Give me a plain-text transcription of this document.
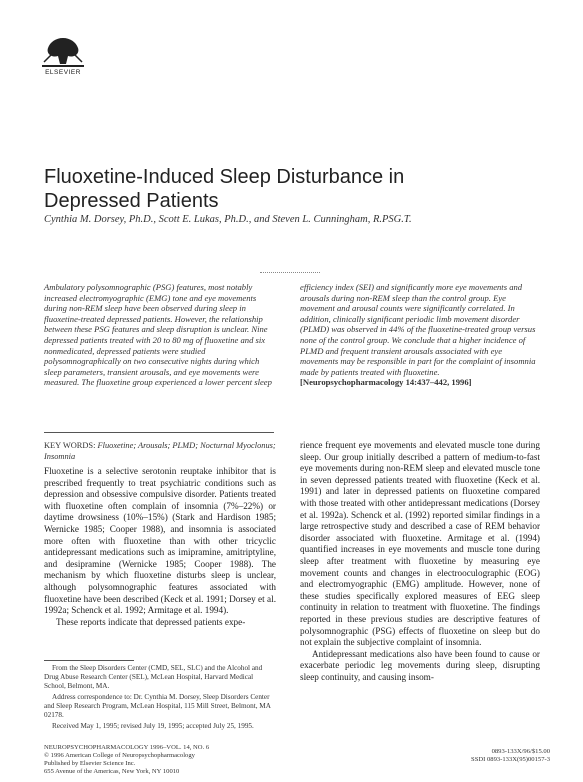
ELSEVIER
Fluoxetine-Induced Sleep Disturbance in
Depressed Patients
Cynthia M. Dorsey, Ph.D., Scott E. Lukas, Ph.D., and Steven L. Cunningham, R.PSG.T.
Ambulatory polysomnographic (PSG) features, most notably increased electromyographic (EMG) tone and eye movements during non-REM sleep have been observed during sleep in fluoxetine-treated depressed patients. However, the relationship between these PSG features and sleep disruption is unclear. Nine depressed patients treated with 20 to 80 mg of fluoxetine and six nonmedicated, depressed patients were studied polysomnographically on two consecutive nights during which sleep parameters, transient arousals, and eye movements were measured. The fluoxetine group experienced a lower percent sleep
efficiency index (SEI) and significantly more eye movements and arousals during non-REM sleep than the control group. Eye movement and arousal counts were significantly correlated. In addition, clinically significant periodic limb movement disorder (PLMD) was observed in 44% of the fluoxetine-treated group versus none of the control group. We conclude that a higher incidence of PLMD and frequent transient arousals associated with eye movements may be responsible in part for the complaint of insomnia made by patients treated with fluoxetine. [Neuropsychopharmacology 14:437–442, 1996]
KEY WORDS: Fluoxetine; Arousals; PLMD; Nocturnal Myoclonus; Insomnia

Fluoxetine is a selective serotonin reuptake inhibitor that is prescribed frequently to treat psychiatric conditions such as depression and obsessive compulsive disorder. Patients treated with fluoxetine often complain of insomnia (7%–22%) or daytime drowsiness (10%–15%) (Stark and Hardison 1985; Wernicke 1985; Cooper 1988), and insomnia is associated more often with fluoxetine than with other tricyclic antidepressant medications such as imipramine, amitriptyline, and desipramine (Wernicke 1985; Cooper 1988). The mechanism by which fluoxetine disturbs sleep is unclear, although polysomnographic features associated with fluoxetine have been described (Keck et al. 1991; Dorsey et al. 1992a; Schenck et al. 1992; Armitage et al. 1994).

These reports indicate that depressed patients expe-

rience frequent eye movements and elevated muscle tone during sleep. Our group initially described a pattern of medium-to-fast eye movements during non-REM sleep and elevated muscle tone in seven depressed patients treated with fluoxetine (Keck et al. 1991) and later in depressed patients on fluoxetine compared with those treated with other antidepressant medications (Dorsey et al. 1992a). Schenck et al. (1992) reported similar findings in a large retrospective study and described a case of REM behavior disorder associated with fluoxetine. Armitage et al. (1994) quantified increases in eye movements and muscle tone during sleep after treatment with fluoxetine by measuring eye movement counts and changes in electrooculographic (EOG) and electromyographic (EMG) amplitude. However, none of these studies specifically explored measures of EEG sleep continuity in relation to treatment with fluoxetine. The findings reported in these previous studies are descriptive features of polysomnographic (PSG) effects of fluoxetine on sleep but do not explain the subjective complaint of insomnia.

Antidepressant medications also have been found to cause or exacerbate periodic leg movements during sleep, disrupting sleep continuity, and causing insom-

From the Sleep Disorders Center (CMD, SEL, SLC) and the Alcohol and Drug Abuse Research Center (SEL), McLean Hospital, Harvard Medical School, Belmont, MA.

Address correspondence to: Dr. Cynthia M. Dorsey, Sleep Disorders Center and Sleep Research Program, McLean Hospital, 115 Mill Street, Belmont, MA 02178.

Received May 1, 1995; revised July 19, 1995; accepted July 25, 1995.

NEUROPSYCHOPHARMACOLOGY 1996–VOL. 14, NO. 6
© 1996 American College of Neuropsychopharmacology
Published by Elsevier Science Inc.
655 Avenue of the Americas, New York, NY 10010
0893-133X/96/$15.00
SSDI 0893-133X(95)00157-3
